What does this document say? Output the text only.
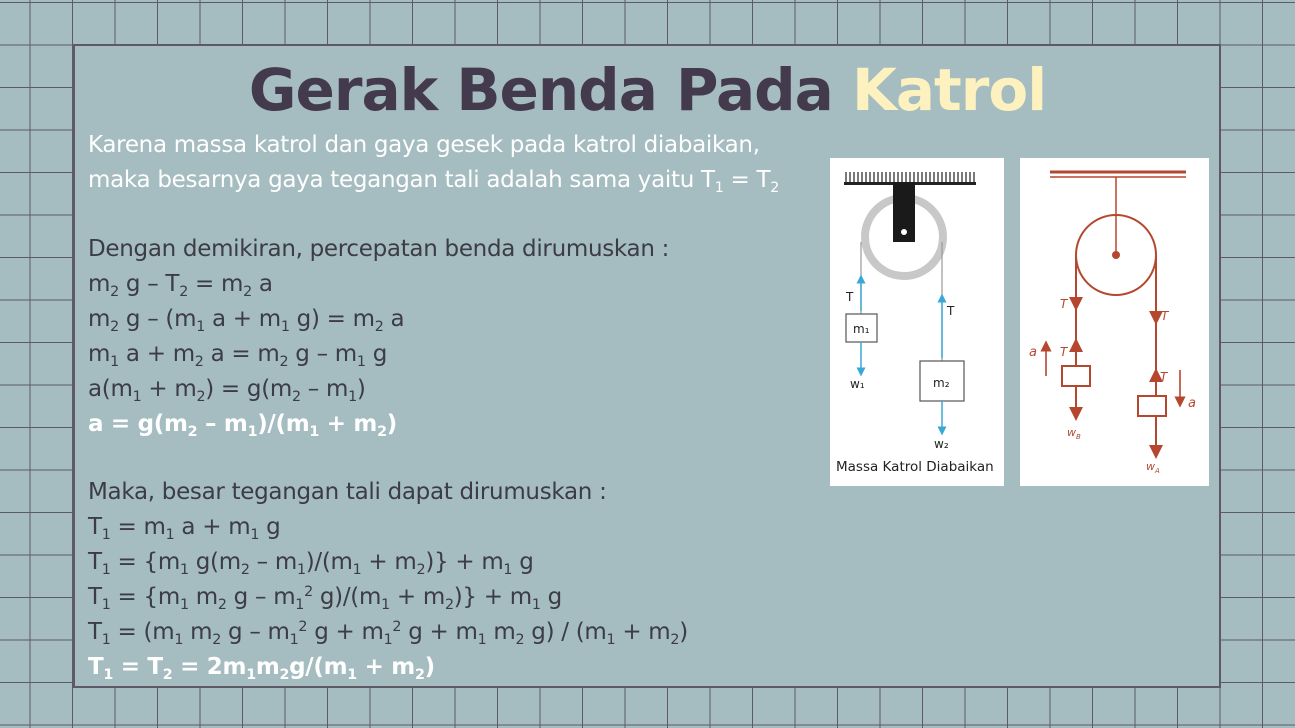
Gerak Benda Pada Katrol

Karena massa katrol dan gaya gesek pada katrol diabaikan,
maka besarnya gaya tegangan tali adalah sama yaitu $T_1 = T_2$

Dengan demikiran, percepatan benda dirumuskan :
$m_2$ $g - T_2 = m_2$ a
$m_2$ g – ($m_1$ $a + m_1$ $g) = m_2$ a
$m_1$ $a + m_2$ $a = m_2$ g – $m_1$ g
$a(m_1 + m_2) = g(m_2 - m_1)$
$a = g(m_2 - m_1)/(m_1 + m_2)$
Maka, besar tegangan tali dapat dirumuskan :
$T_1 = m_1$ $a + m_1$ g
$T_1 = \{m_1$ $g(m_2 - m_1)/(m_1 + m_2)\} + m_1$ g
$T_1 = \{m_1$ $m_2$ g – $m_1^2$ $g)/(m_1 + m_2)\} + m_1$ g
$T_1 = (m_1$ $m_2$ g – $m_1^2$ $g + m_1^2$ $g + m_1$ $m_2$ $g) / (m_1 + m_2)$
$T_1 = T_2 = 2m_1m_2g/(m_1 + m_2)$
T
T
m₁
w₁	m₂
w₂
Massa Katrol Diabaikan
T
T
T
a
$w_B$
T
a
$w_A$
